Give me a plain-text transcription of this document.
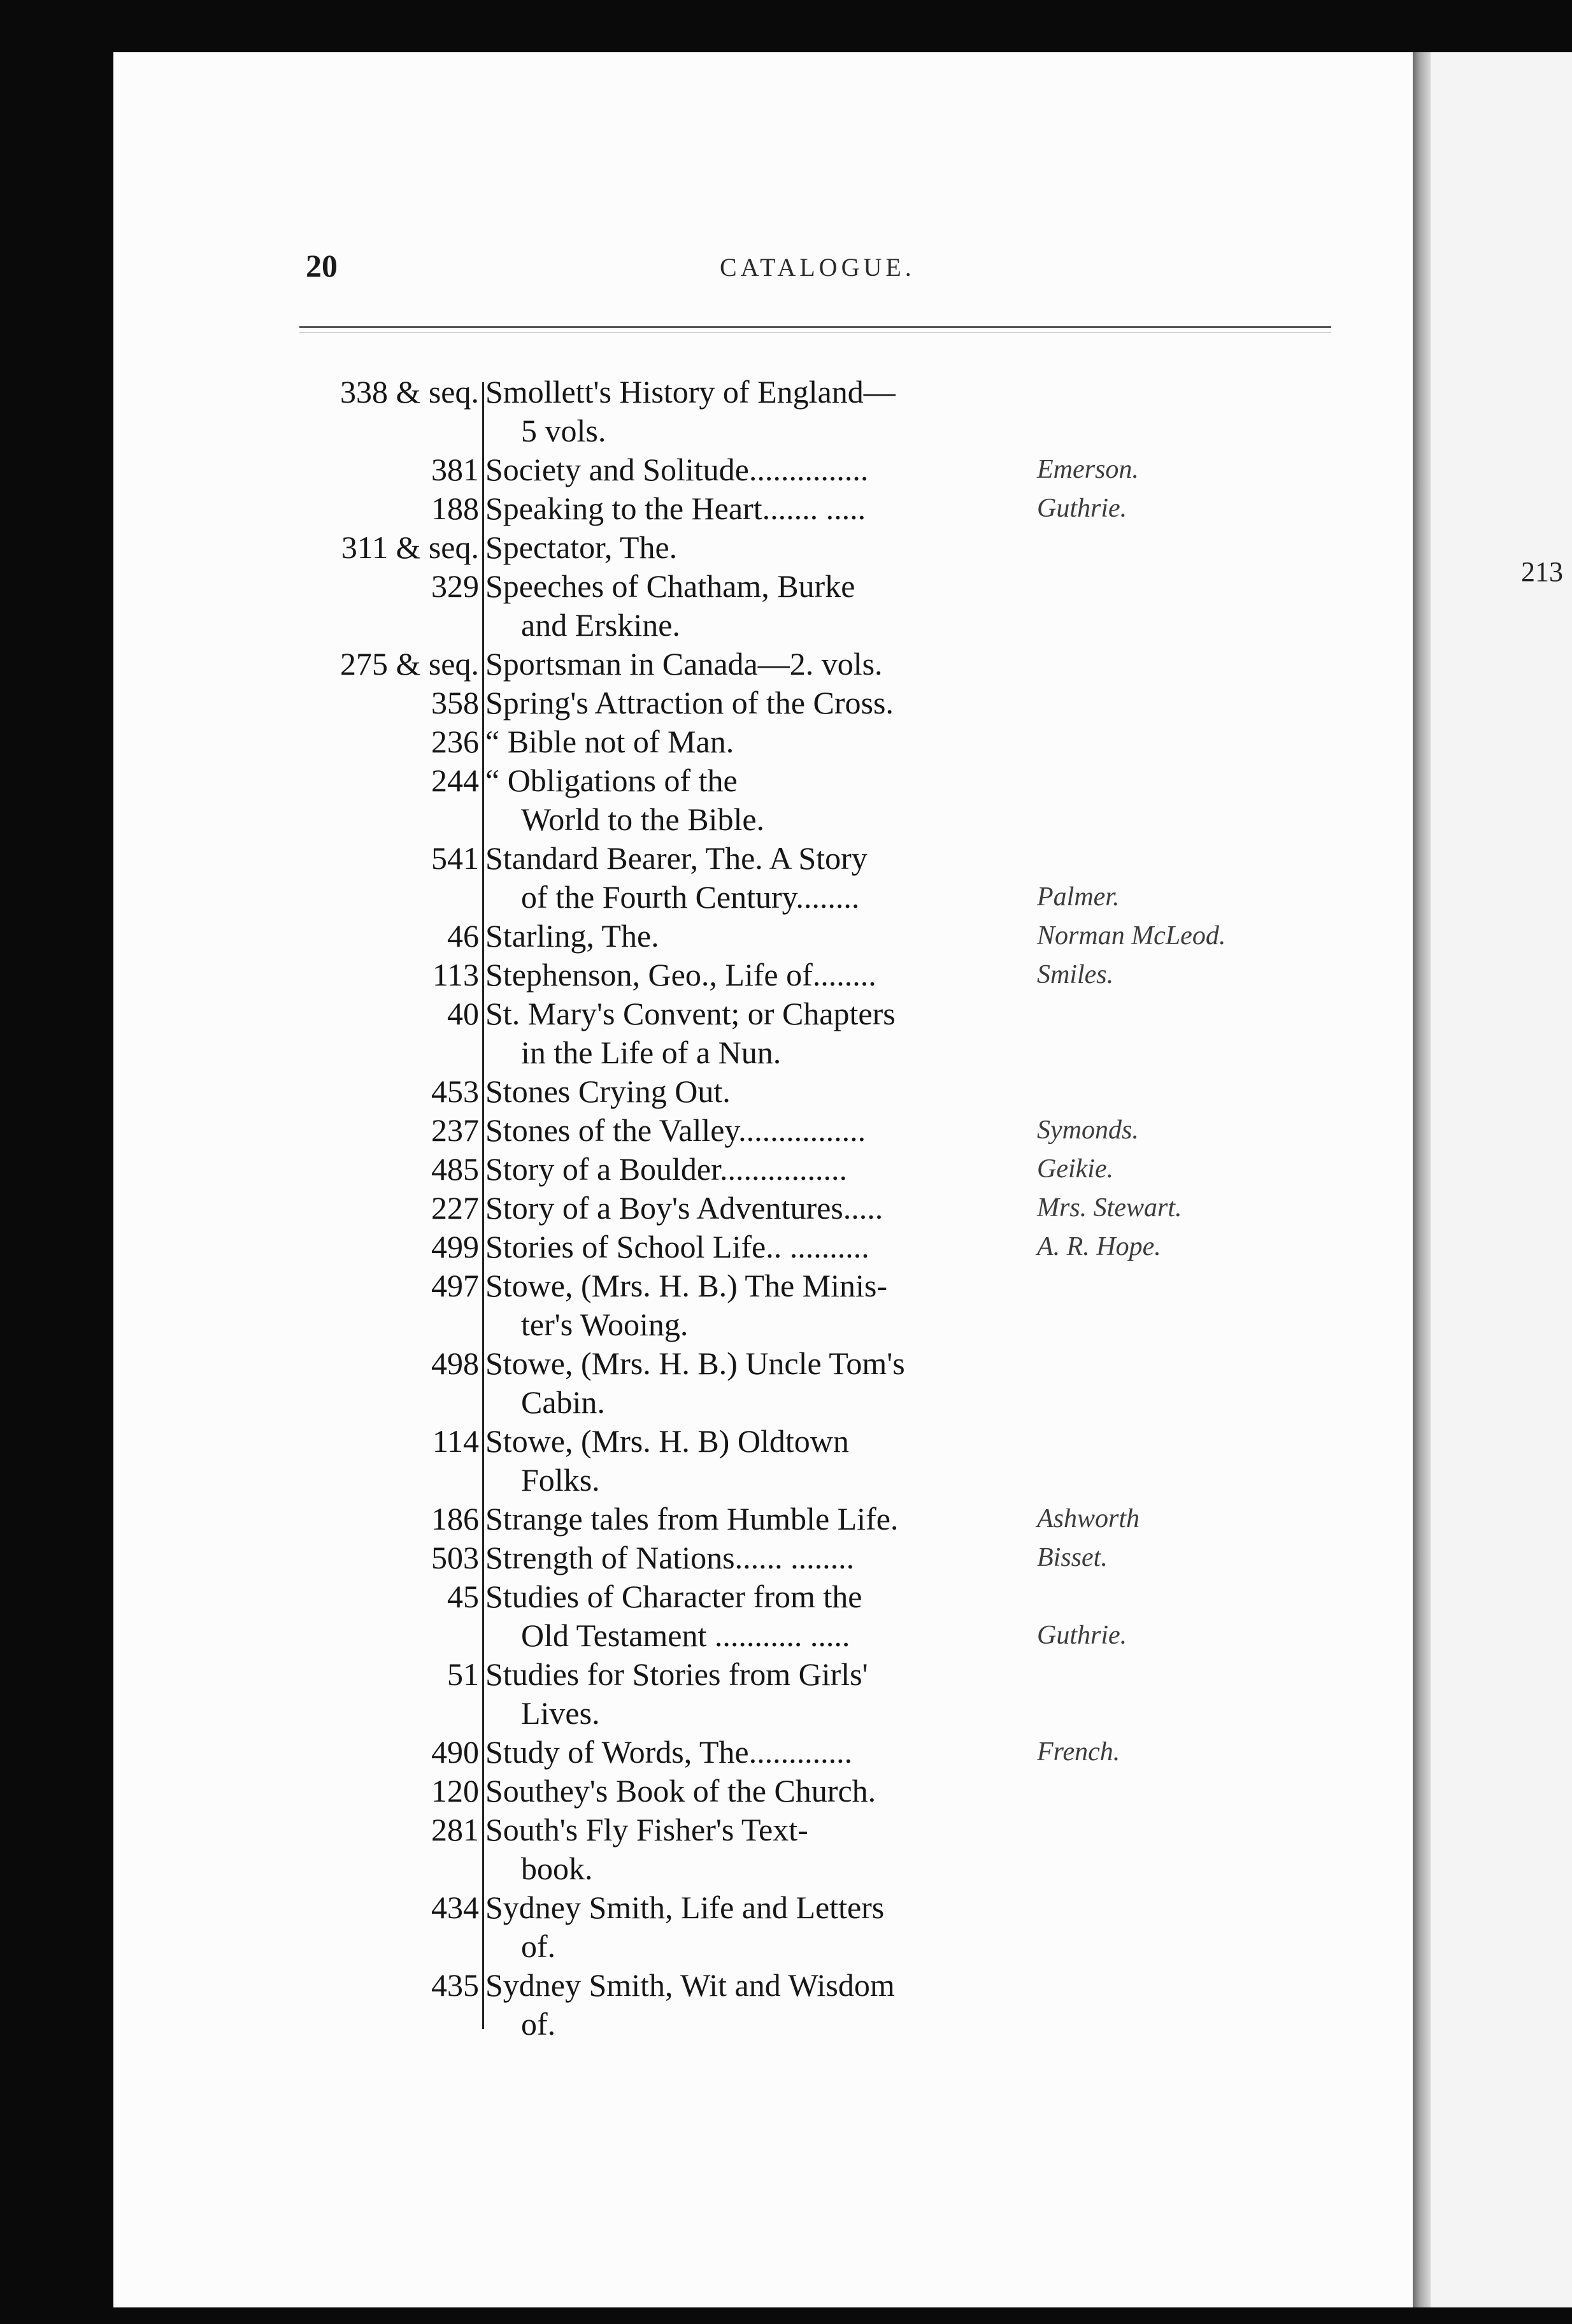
213
20	CATALOGUE.
338 & seq. Smollett's History of England—
5 vols.
381 Society and Solitude...............	Emerson.
188 Speaking to the Heart....... .....	Guthrie.
311 & seq. Spectator, The.
329 Speeches of Chatham, Burke
and Erskine.
275 & seq. Sportsman in Canada—2. vols.
358 Spring's Attraction of the Cross.
236 “ Bible not of Man.
244 “ Obligations of the
World to the Bible.
541 Standard Bearer, The. A Story
of the Fourth Century........	Palmer.
46 Starling, The.	Norman McLeod.
113 Stephenson, Geo., Life of........	Smiles.
40 St. Mary's Convent; or Chapters
in the Life of a Nun.
453 Stones Crying Out.
237 Stones of the Valley................	Symonds.
485 Story of a Boulder................	Geikie.
227 Story of a Boy's Adventures.....	Mrs. Stewart.
499 Stories of School Life.. ..........	A. R. Hope.
497 Stowe, (Mrs. H. B.) The Minis-
ter's Wooing.
498 Stowe, (Mrs. H. B.) Uncle Tom's
Cabin.
114 Stowe, (Mrs. H. B) Oldtown
Folks.
186 Strange tales from Humble Life.	Ashworth
503 Strength of Nations...... ........	Bisset.
45 Studies of Character from the
Old Testament ........... .....	Guthrie.
51 Studies for Stories from Girls'
Lives.
490 Study of Words, The.............	French.
120 Southey's Book of the Church.
281 South's Fly Fisher's Text-
book.
434 Sydney Smith, Life and Letters
of.
435 Sydney Smith, Wit and Wisdom
of.
